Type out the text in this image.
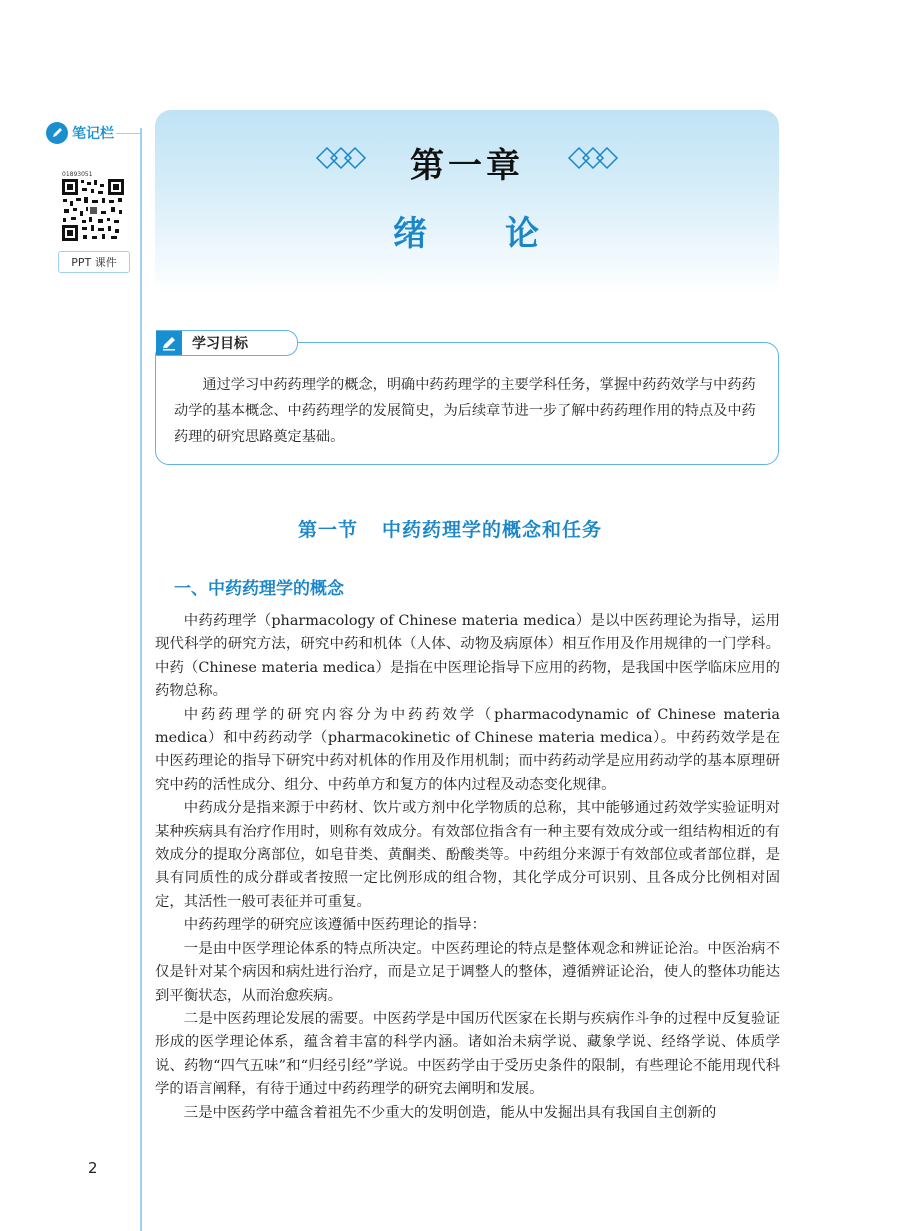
笔记栏
01893051
PPT 课件
第一章
绪 论
学习目标
通过学习中药药理学的概念，明确中药药理学的主要学科任务，掌握中药药效学与中药药动学的基本概念、中药药理学的发展简史，为后续章节进一步了解中药药理作用的特点及中药药理的研究思路奠定基础。
第一节 中药药理学的概念和任务
一、中药药理学的概念

中药药理学（pharmacology of Chinese materia medica）是以中医药理论为指导，运用现代科学的研究方法，研究中药和机体（人体、动物及病原体）相互作用及作用规律的一门学科。中药（Chinese materia medica）是指在中医理论指导下应用的药物，是我国中医学临床应用的药物总称。

中药药理学的研究内容分为中药药效学（pharmacodynamic of Chinese materia medica）和中药药动学（pharmacokinetic of Chinese materia medica）。中药药效学是在中医药理论的指导下研究中药对机体的作用及作用机制；而中药药动学是应用药动学的基本原理研究中药的活性成分、组分、中药单方和复方的体内过程及动态变化规律。

中药成分是指来源于中药材、饮片或方剂中化学物质的总称，其中能够通过药效学实验证明对某种疾病具有治疗作用时，则称有效成分。有效部位指含有一种主要有效成分或一组结构相近的有效成分的提取分离部位，如皂苷类、黄酮类、酚酸类等。中药组分来源于有效部位或者部位群，是具有同质性的成分群或者按照一定比例形成的组合物，其化学成分可识别、且各成分比例相对固定，其活性一般可表征并可重复。

中药药理学的研究应该遵循中医药理论的指导：

一是由中医学理论体系的特点所决定。中医药理论的特点是整体观念和辨证论治。中医治病不仅是针对某个病因和病灶进行治疗，而是立足于调整人的整体，遵循辨证论治，使人的整体功能达到平衡状态，从而治愈疾病。

二是中医药理论发展的需要。中医药学是中国历代医家在长期与疾病作斗争的过程中反复验证形成的医学理论体系，蕴含着丰富的科学内涵。诸如治未病学说、藏象学说、经络学说、体质学说、药物“四气五味”和“归经引经”学说。中医药学由于受历史条件的限制，有些理论不能用现代科学的语言阐释，有待于通过中药药理学的研究去阐明和发展。

三是中医药学中蕴含着祖先不少重大的发明创造，能从中发掘出具有我国自主创新的

2
